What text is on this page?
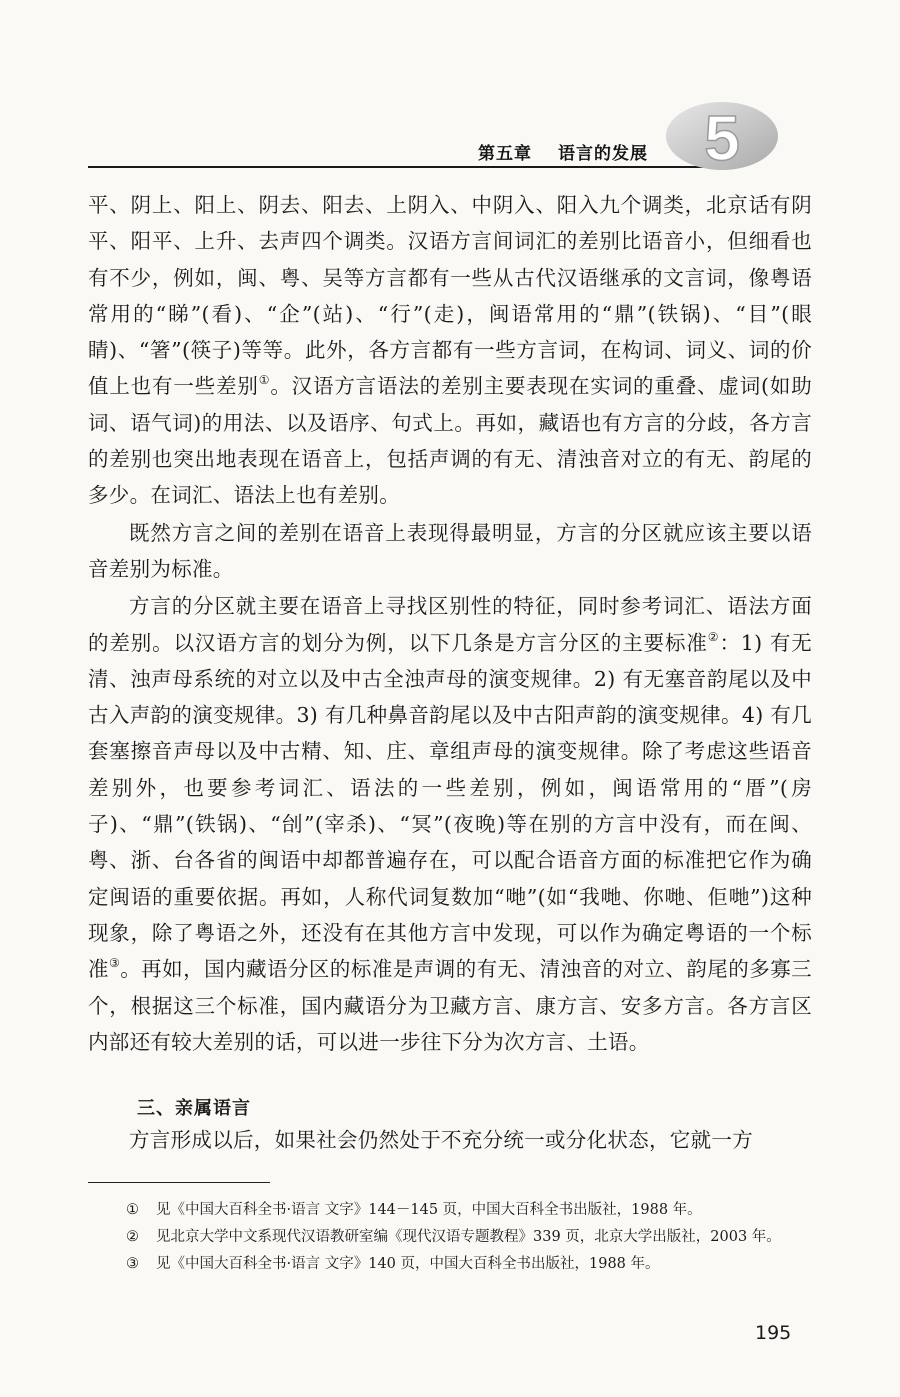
第五章 语言的发展 5

平、阴上、阳上、阴去、阳去、上阴入、中阴入、阳入九个调类，北京话有阴平、阳平、上升、去声四个调类。汉语方言间词汇的差别比语音小，但细看也有不少，例如，闽、粤、吴等方言都有一些从古代汉语继承的文言词，像粤语常用的“睇”(看)、“企”(站)、“行”(走)，闽语常用的“鼎”(铁锅)、“目”(眼睛)、“箸”(筷子)等等。此外，各方言都有一些方言词，在构词、词义、词的价值上也有一些差别①。汉语方言语法的差别主要表现在实词的重叠、虚词(如助词、语气词)的用法、以及语序、句式上。再如，藏语也有方言的分歧，各方言的差别也突出地表现在语音上，包括声调的有无、清浊音对立的有无、韵尾的多少。在词汇、语法上也有差别。

既然方言之间的差别在语音上表现得最明显，方言的分区就应该主要以语音差别为标准。

方言的分区就主要在语音上寻找区别性的特征，同时参考词汇、语法方面的差别。以汉语方言的划分为例，以下几条是方言分区的主要标准②：1) 有无清、浊声母系统的对立以及中古全浊声母的演变规律。2) 有无塞音韵尾以及中古入声韵的演变规律。3) 有几种鼻音韵尾以及中古阳声韵的演变规律。4) 有几套塞擦音声母以及中古精、知、庄、章组声母的演变规律。除了考虑这些语音差别外，也要参考词汇、语法的一些差别，例如，闽语常用的“厝”(房子)、“鼎”(铁锅)、“刣”(宰杀)、“冥”(夜晚)等在别的方言中没有，而在闽、粤、浙、台各省的闽语中却都普遍存在，可以配合语音方面的标准把它作为确定闽语的重要依据。再如，人称代词复数加“哋”(如“我哋、你哋、佢哋”)这种现象，除了粤语之外，还没有在其他方言中发现，可以作为确定粤语的一个标准③。再如，国内藏语分区的标准是声调的有无、清浊音的对立、韵尾的多寡三个，根据这三个标准，国内藏语分为卫藏方言、康方言、安多方言。各方言区内部还有较大差别的话，可以进一步往下分为次方言、土语。

三、亲属语言

方言形成以后，如果社会仍然处于不充分统一或分化状态，它就一方

① 见《中国大百科全书·语言 文字》144－145 页，中国大百科全书出版社，1988 年。

② 见北京大学中文系现代汉语教研室编《现代汉语专题教程》339 页，北京大学出版社，2003 年。

③ 见《中国大百科全书·语言 文字》140 页，中国大百科全书出版社，1988 年。

195
